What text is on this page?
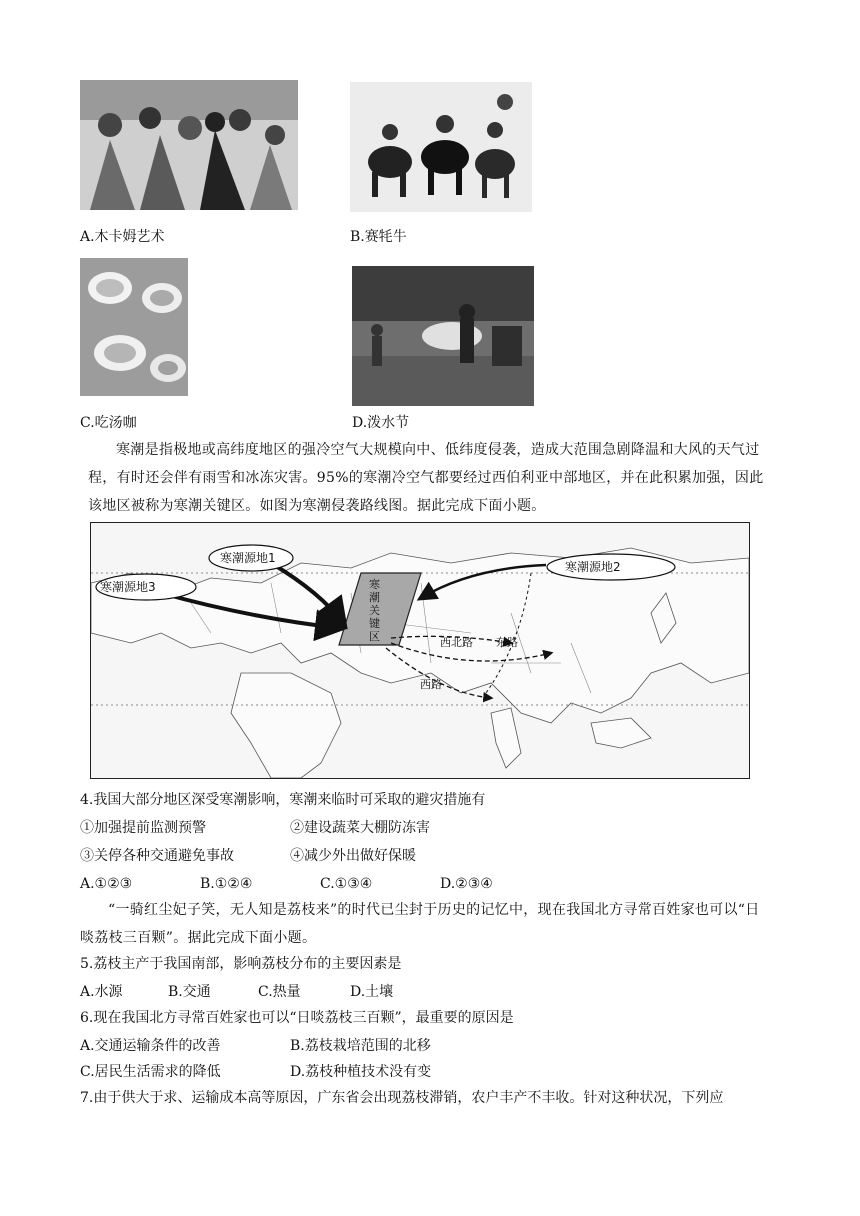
A.木卡姆艺术	B.赛牦牛
C.吃汤咖	D.泼水节
寒潮是指极地或高纬度地区的强冷空气大规模向中、低纬度侵袭，造成大范围急剧降温和大风的天气过程，有时还会伴有雨雪和冰冻灾害。95%的寒潮冷空气都要经过西伯利亚中部地区，并在此积累加强，因此该地区被称为寒潮关键区。如图为寒潮侵袭路线图。据此完成下面小题。
寒潮源地1
寒潮源地3
寒潮源地2
寒潮关键区	西北路 东路
西路
4.我国大部分地区深受寒潮影响，寒潮来临时可采取的避灾措施有
①加强提前监测预警	②建设蔬菜大棚防冻害
③关停各种交通避免事故	④减少外出做好保暖
A.①②③	B.①②④	C.①③④	D.②③④
“一骑红尘妃子笑，无人知是荔枝来”的时代已尘封于历史的记忆中，现在我国北方寻常百姓家也可以“日啖荔枝三百颗”。据此完成下面小题。
5.荔枝主产于我国南部，影响荔枝分布的主要因素是
A.水源	B.交通	C.热量	D.土壤
6.现在我国北方寻常百姓家也可以“日啖荔枝三百颗”，最重要的原因是
A.交通运输条件的改善	B.荔枝栽培范围的北移
C.居民生活需求的降低	D.荔枝种植技术没有变
7.由于供大于求、运输成本高等原因，广东省会出现荔枝滞销，农户丰产不丰收。针对这种状况，下列应
